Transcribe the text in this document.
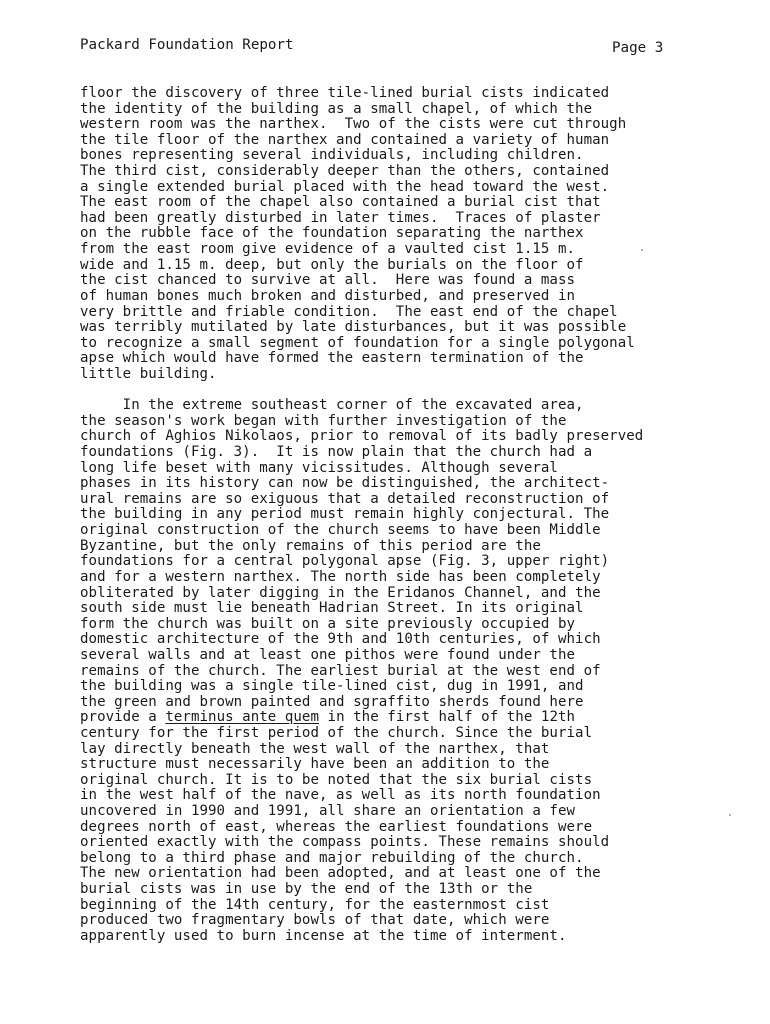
Packard Foundation Report	Page 3
floor the discovery of three tile-lined burial cists indicated
the identity of the building as a small chapel, of which the
western room was the narthex.  Two of the cists were cut through
the tile floor of the narthex and contained a variety of human
bones representing several individuals, including children.
The third cist, considerably deeper than the others, contained
a single extended burial placed with the head toward the west.
The east room of the chapel also contained a burial cist that
had been greatly disturbed in later times.  Traces of plaster
on the rubble face of the foundation separating the narthex
from the east room give evidence of a vaulted cist 1.15 m.
wide and 1.15 m. deep, but only the burials on the floor of
the cist chanced to survive at all.  Here was found a mass
of human bones much broken and disturbed, and preserved in
very brittle and friable condition.  The east end of the chapel
was terribly mutilated by late disturbances, but it was possible
to recognize a small segment of foundation for a single polygonal
apse which would have formed the eastern termination of the
little building.
In the extreme southeast corner of the excavated area,
the season's work began with further investigation of the
church of Aghios Nikolaos, prior to removal of its badly preserved
foundations (Fig. 3).  It is now plain that the church had a
long life beset with many vicissitudes. Although several
phases in its history can now be distinguished, the architect-
ural remains are so exiguous that a detailed reconstruction of
the building in any period must remain highly conjectural. The
original construction of the church seems to have been Middle
Byzantine, but the only remains of this period are the
foundations for a central polygonal apse (Fig. 3, upper right)
and for a western narthex. The north side has been completely
obliterated by later digging in the Eridanos Channel, and the
south side must lie beneath Hadrian Street. In its original
form the church was built on a site previously occupied by
domestic architecture of the 9th and 10th centuries, of which
several walls and at least one pithos were found under the
remains of the church. The earliest burial at the west end of
the building was a single tile-lined cist, dug in 1991, and
the green and brown painted and sgraffito sherds found here
provide a terminus ante quem in the first half of the 12th
century for the first period of the church. Since the burial
lay directly beneath the west wall of the narthex, that
structure must necessarily have been an addition to the
original church. It is to be noted that the six burial cists
in the west half of the nave, as well as its north foundation
uncovered in 1990 and 1991, all share an orientation a few
degrees north of east, whereas the earliest foundations were
oriented exactly with the compass points. These remains should
belong to a third phase and major rebuilding of the church.
The new orientation had been adopted, and at least one of the
burial cists was in use by the end of the 13th or the
beginning of the 14th century, for the easternmost cist
produced two fragmentary bowls of that date, which were
apparently used to burn incense at the time of interment.
